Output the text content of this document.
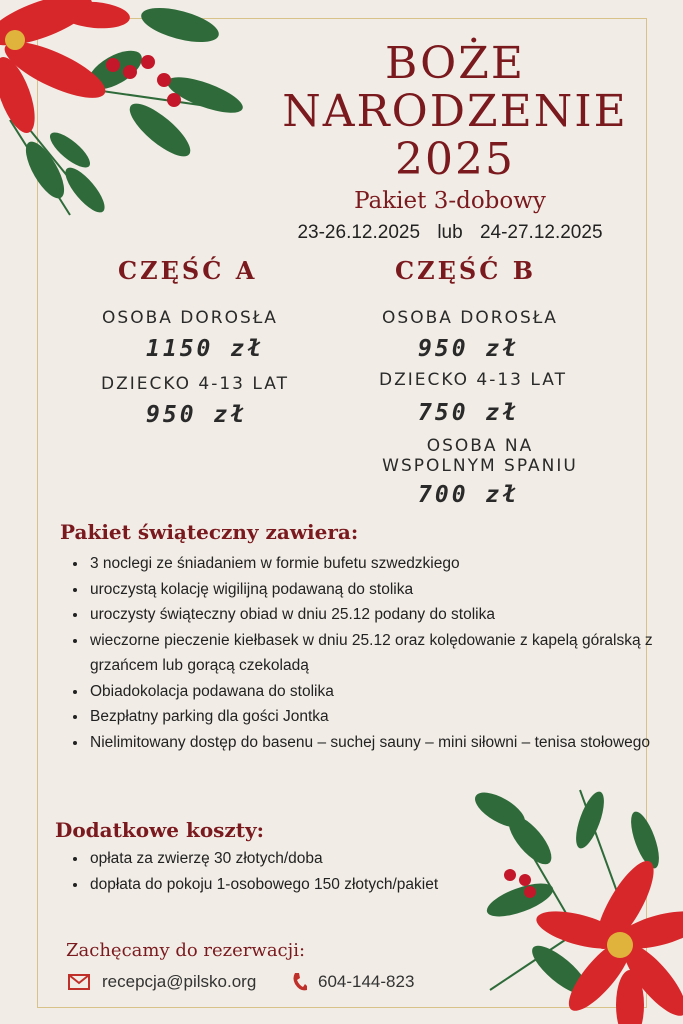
BOŻE
NARODZENIE
2025
Pakiet 3-dobowy
23-26.12.2025 lub 24-27.12.2025
CZĘŚĆ A
OSOBA DOROSŁA
1150 zł
DZIECKO 4-13 LAT
950 zł
CZĘŚĆ B
OSOBA DOROSŁA
950 zł
DZIECKO 4-13 LAT
750 zł
OSOBA NA
WSPOLNYM SPANIU
700 zł
Pakiet świąteczny zawiera:
• 3 noclegi ze śniadaniem w formie bufetu szwedzkiego
• uroczystą kolację wigilijną podawaną do stolika
• uroczysty świąteczny obiad w dniu 25.12 podany do stolika
• wieczorne pieczenie kiełbasek w dniu 25.12 oraz kolędowanie z kapelą góralską z grzańcem lub gorącą czekoladą
• Obiadokolacja podawana do stolika
• Bezpłatny parking dla gości Jontka
• Nielimitowany dostęp do basenu – suchej sauny – mini siłowni – tenisa stołowego
Dodatkowe koszty:
• opłata za zwierzę 30 złotych/doba
• dopłata do pokoju 1-osobowego 150 złotych/pakiet
Zachęcamy do rezerwacji:
recepcja@pilsko.org	604-144-823
